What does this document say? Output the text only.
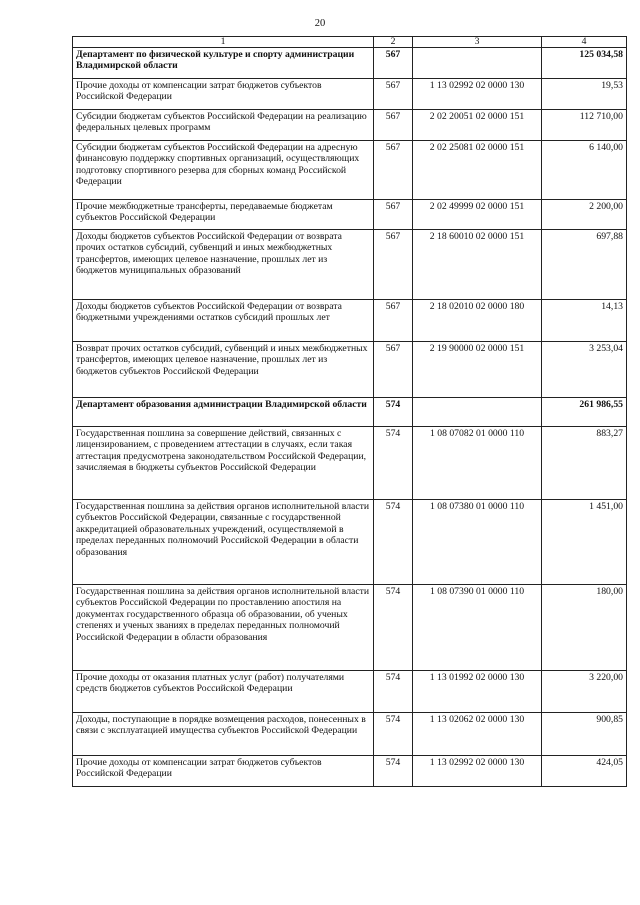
20
1	2	3	4
Департамент по физической культуре и спорту администрации Владимирской области	567		125 034,58
Прочие доходы от компенсации затрат бюджетов субъектов Российской Федерации	567	1 13 02992 02 0000 130	19,53
Субсидии бюджетам субъектов Российской Федерации на реализацию федеральных целевых программ	567	2 02 20051 02 0000 151	112 710,00
Субсидии бюджетам субъектов Российской Федерации на адресную финансовую поддержку спортивных организаций, осуществляющих подготовку спортивного резерва для сборных команд Российской Федерации	567	2 02 25081 02 0000 151	6 140,00
Прочие межбюджетные трансферты, передаваемые бюджетам субъектов Российской Федерации	567	2 02 49999 02 0000 151	2 200,00
Доходы бюджетов субъектов Российской Федерации от возврата прочих остатков субсидий, субвенций и иных межбюджетных трансфертов, имеющих целевое назначение, прошлых лет из бюджетов муниципальных образований	567	2 18 60010 02 0000 151	697,88
Доходы бюджетов субъектов Российской Федерации от возврата бюджетными учреждениями остатков субсидий прошлых лет	567	2 18 02010 02 0000 180	14,13
Возврат прочих остатков субсидий, субвенций и иных межбюджетных трансфертов, имеющих целевое назначение, прошлых лет из бюджетов субъектов Российской Федерации	567	2 19 90000 02 0000 151	3 253,04
Департамент образования администрации Владимирской области	574		261 986,55
Государственная пошлина за совершение действий, связанных с лицензированием, с проведением аттестации в случаях, если такая аттестация предусмотрена законодательством Российской Федерации, зачисляемая в бюджеты субъектов Российской Федерации	574	1 08 07082 01 0000 110	883,27
Государственная пошлина за действия органов исполнительной власти субъектов Российской Федерации, связанные с государственной аккредитацией образовательных учреждений, осуществляемой в пределах переданных полномочий Российской Федерации в области образования	574	1 08 07380 01 0000 110	1 451,00
Государственная пошлина за действия органов исполнительной власти субъектов Российской Федерации по проставлению апостиля на документах государственного образца об образовании, об ученых степенях и ученых званиях в пределах переданных полномочий Российской Федерации в области образования	574	1 08 07390 01 0000 110	180,00
Прочие доходы от оказания платных услуг (работ) получателями средств бюджетов субъектов Российской Федерации	574	1 13 01992 02 0000 130	3 220,00
Доходы, поступающие в порядке возмещения расходов, понесенных в связи с эксплуатацией имущества субъектов Российской Федерации	574	1 13 02062 02 0000 130	900,85
Прочие доходы от компенсации затрат бюджетов субъектов Российской Федерации	574	1 13 02992 02 0000 130	424,05
